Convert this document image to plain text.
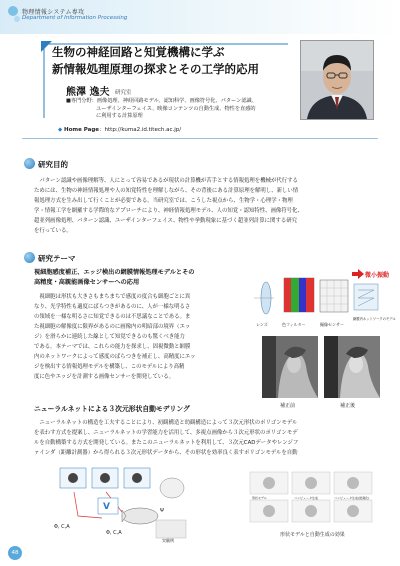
物理情報システム専攻
Department of Information Processing
生物の神経回路と知覚機構に学ぶ
新情報処理原理の探求とその工学的応用
熊澤 逸夫 研究室
■専門分野：画像処理、神経回路モデル、認知科学、画像符号化、パターン認識、
ユーザインターフェイス、映像コンテンツの自動生成、物性を直感的
に利用する計算原理
◆ Home Page：http://kuma2.id.titech.ac.jp/
研究目的
　パターン認識や画像理解等、人にとって容易であるが現状の計算機が苦手とする情報処理を機械が代行する
ためには、生物の神経情報処理や人の知覚特性を理解しながら、その背後にある計算原理を解明し、新しい情
報処理方式を生み出して行くことが必要である。当研究室では、こうした視点から、生物学・心理学・物理
学・情報工学を網羅する学際的なアプローチにより、神経情報処理モデル、人の知覚・認知特性、画像符号化、
超並列画像処理、パターン認識、ユーザインターフェイス、物性や挙動現象に基づく超並列計算に関する研究
を行っている。
研究テーマ
視細胞感度補正、エッジ検出の網膜情報処理モデルとその
高精度・高親能画像センサーへの応用
　視細胞は形状も大きさもまちまちで感度の度合も細胞ごとに異
なり、光学特性も適度にばらつきがあるのに、人が一様な明るさ
の領域を一様な明るさに知覚できるのは不思議なことである。ま
た視細胞の解像度に限界があるのに画像内の明暗部の境界（エッ
ジ）を滑らかに連続した線として知覚できるのも驚くべき能力
である。本テーマでは、これらの能力を探求し、固視微動と網膜
内のネットワークによって感度のばらつきを補正し、高精度にエッ
ジを検出する情報処理モデルを構築し、このモデルにより高精
度に色やエッジを計測する画像センサーを開発している。
微小振動
レンズ	色フィルター	撮像センサー
網膜内ネットワークのモデル
補正前	補正後
ニューラルネットによる３次元形状自動モデリング
　ニューラルネットの構造を工夫することにより、初観構造と幼観構造によって３次元形状のポリゴンモデル
を表わす方式を提案し、ニューラルネットの学習能力を活用して、多視点画像から３次元形状のポリゴンモデ
ルを自動構築する方式を開発している。またこのニューラルネットを利用して、３次元CADデータやレンジフ
ァインダ（距離計測器）から得られる３次元形状データから、その形状を効率良く表すポリゴンモデルを自動
V
Φ, C,A
Φ, C,A
Ψ
実験例
形状モデル	コンピュータ生成	コンピュータ生成(最適化)
形状モデルと自動生成の効果
48
